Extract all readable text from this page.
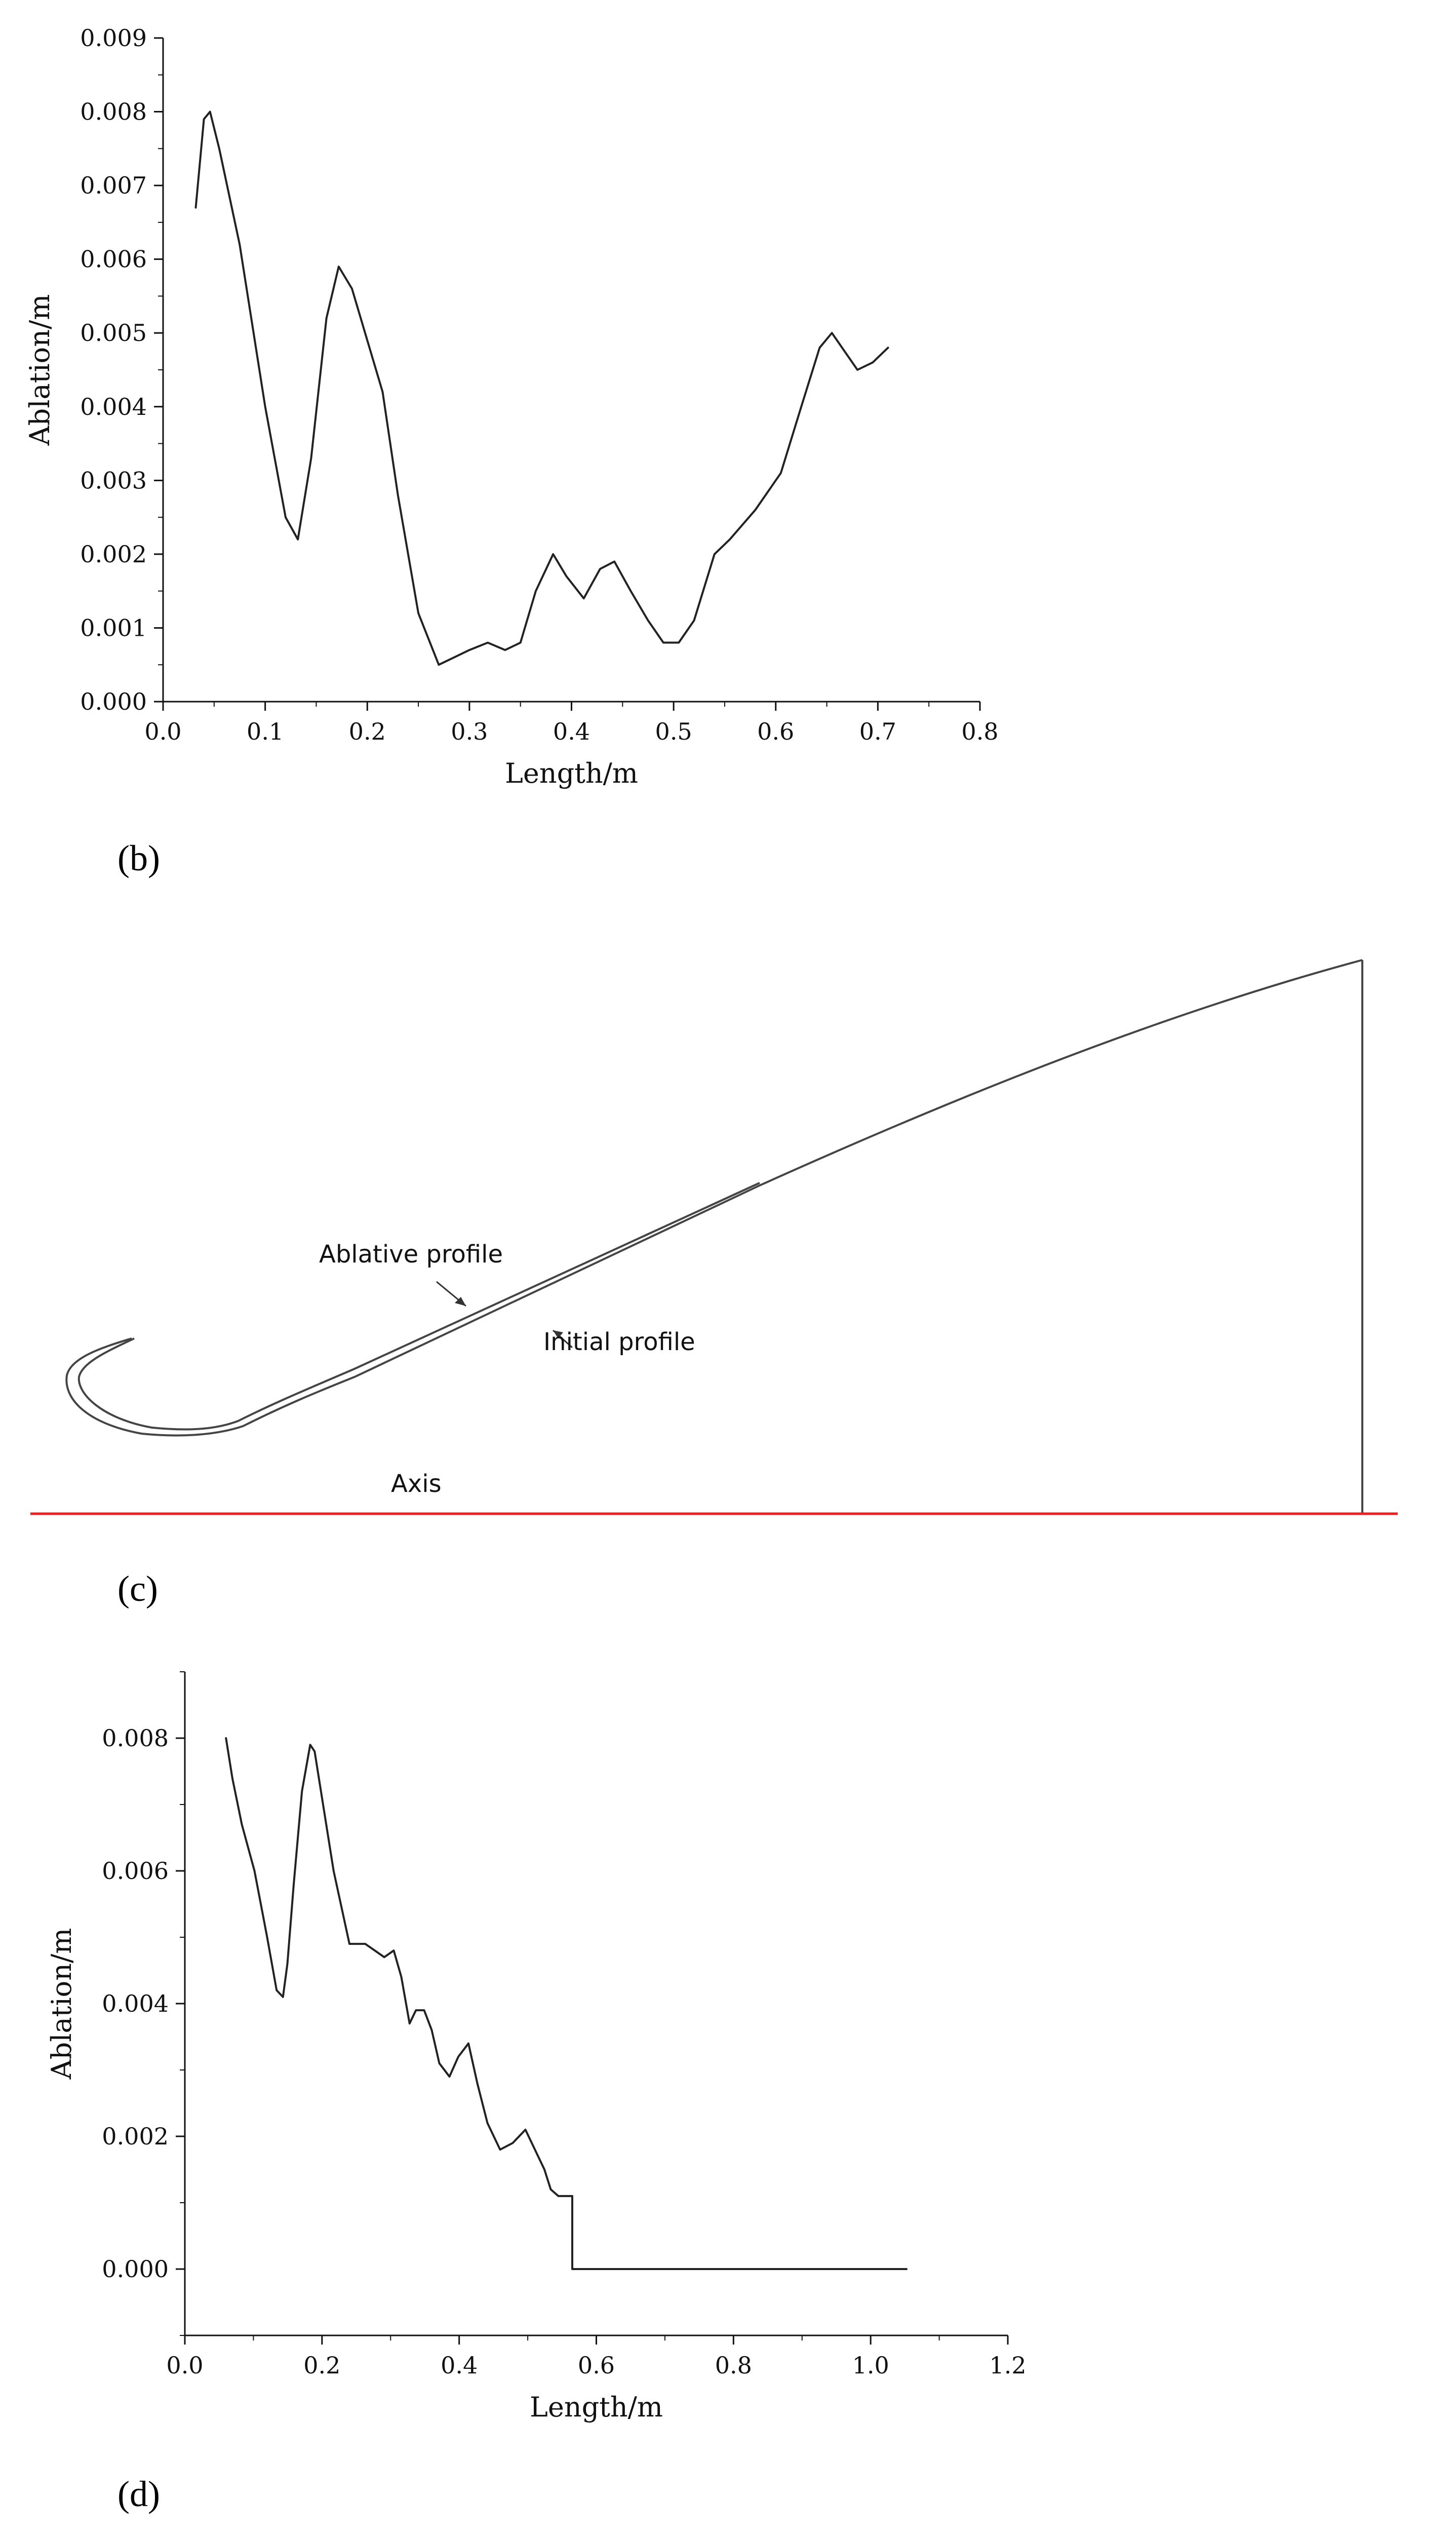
0.0	0.1	0.2	0.3	0.4	0.5	0.6	0.7	0.8
0.000
0.001
0.002
0.003
0.004
0.005
0.006
0.007
0.008
0.009
Length/m
Ablation/m
(b)
Ablative profile
Initial profile
Axis
(c)
0.0	0.2	0.4	0.6	0.8	1.0	1.2
0.000
0.002
0.004
0.006
0.008
Length/m
Ablation/m
(d)
